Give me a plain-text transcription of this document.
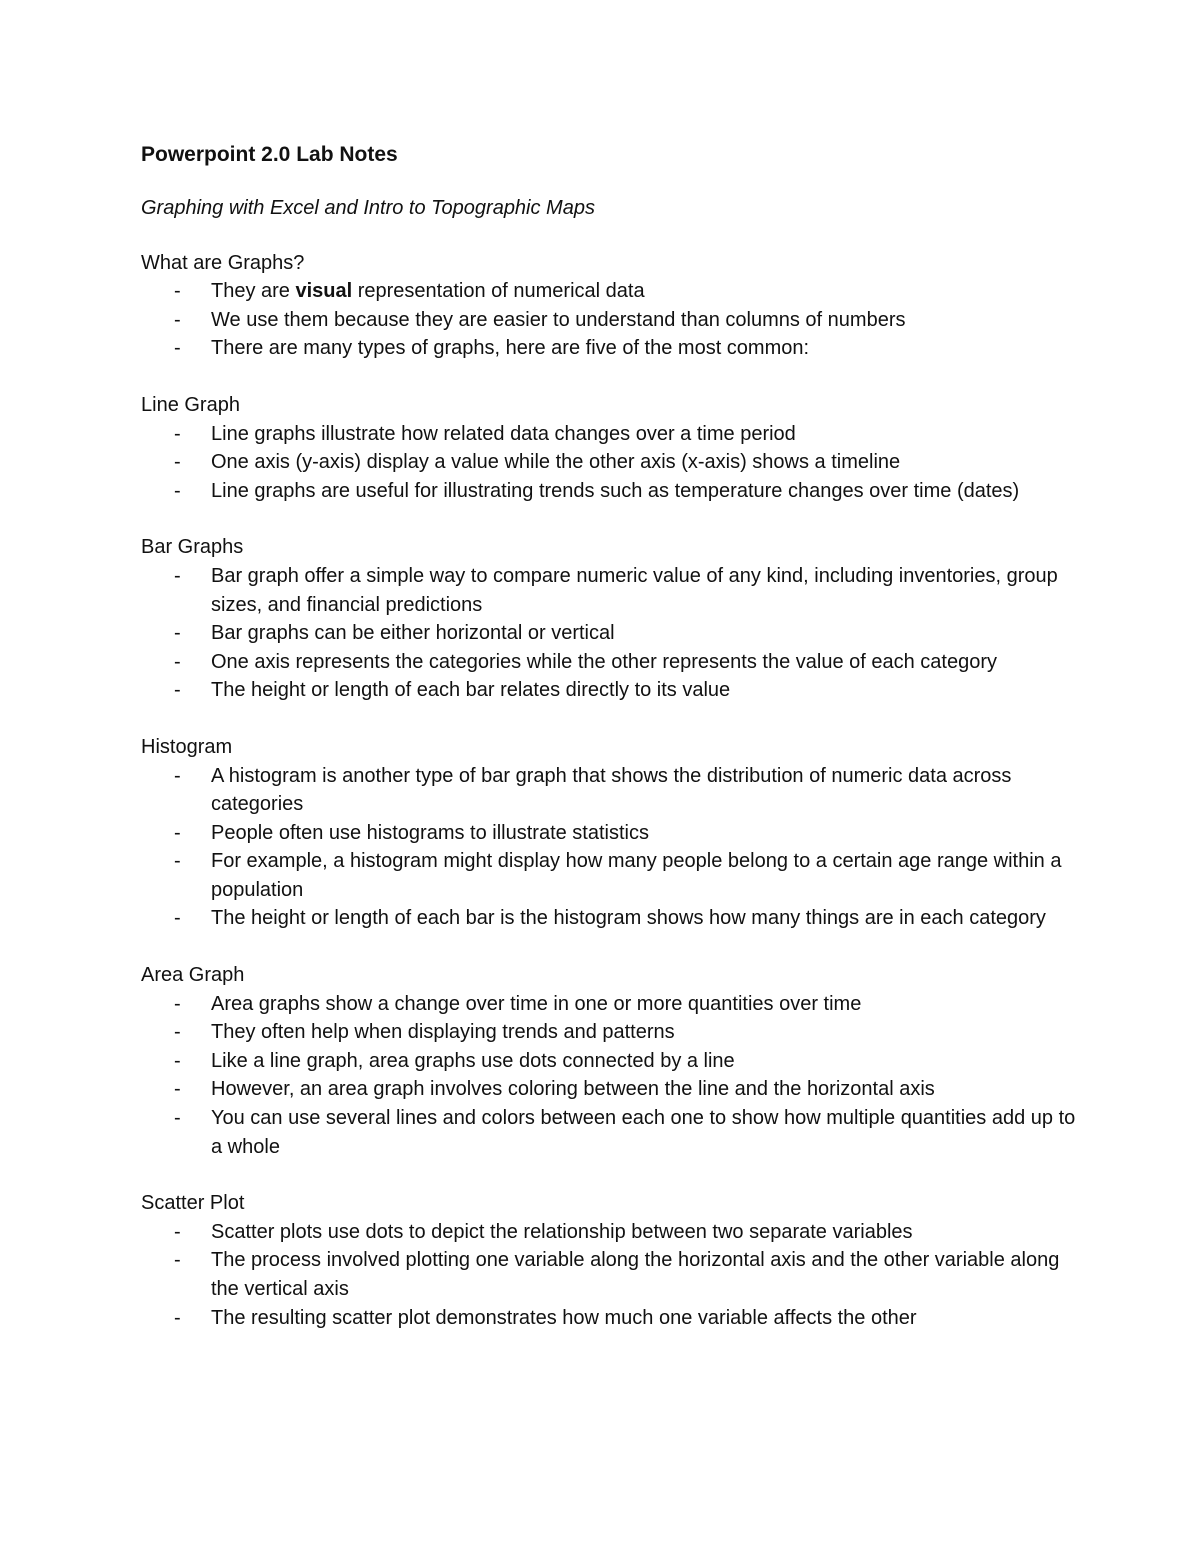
Powerpoint 2.0 Lab Notes
Graphing with Excel and Intro to Topographic Maps
What are Graphs?
- They are visual representation of numerical data
- We use them because they are easier to understand than columns of numbers
- There are many types of graphs, here are five of the most common:
Line Graph
- Line graphs illustrate how related data changes over a time period
- One axis (y-axis) display a value while the other axis (x-axis) shows a timeline
- Line graphs are useful for illustrating trends such as temperature changes over time (dates)
Bar Graphs
- Bar graph offer a simple way to compare numeric value of any kind, including inventories, group sizes, and financial predictions
- Bar graphs can be either horizontal or vertical
- One axis represents the categories while the other represents the value of each category
- The height or length of each bar relates directly to its value
Histogram
- A histogram is another type of bar graph that shows the distribution of numeric data across categories
- People often use histograms to illustrate statistics
- For example, a histogram might display how many people belong to a certain age range within a population
- The height or length of each bar is the histogram shows how many things are in each category
Area Graph
- Area graphs show a change over time in one or more quantities over time
- They often help when displaying trends and patterns
- Like a line graph, area graphs use dots connected by a line
- However, an area graph involves coloring between the line and the horizontal axis
- You can use several lines and colors between each one to show how multiple quantities add up to a whole
Scatter Plot
- Scatter plots use dots to depict the relationship between two separate variables
- The process involved plotting one variable along the horizontal axis and the other variable along the vertical axis
- The resulting scatter plot demonstrates how much one variable affects the other
